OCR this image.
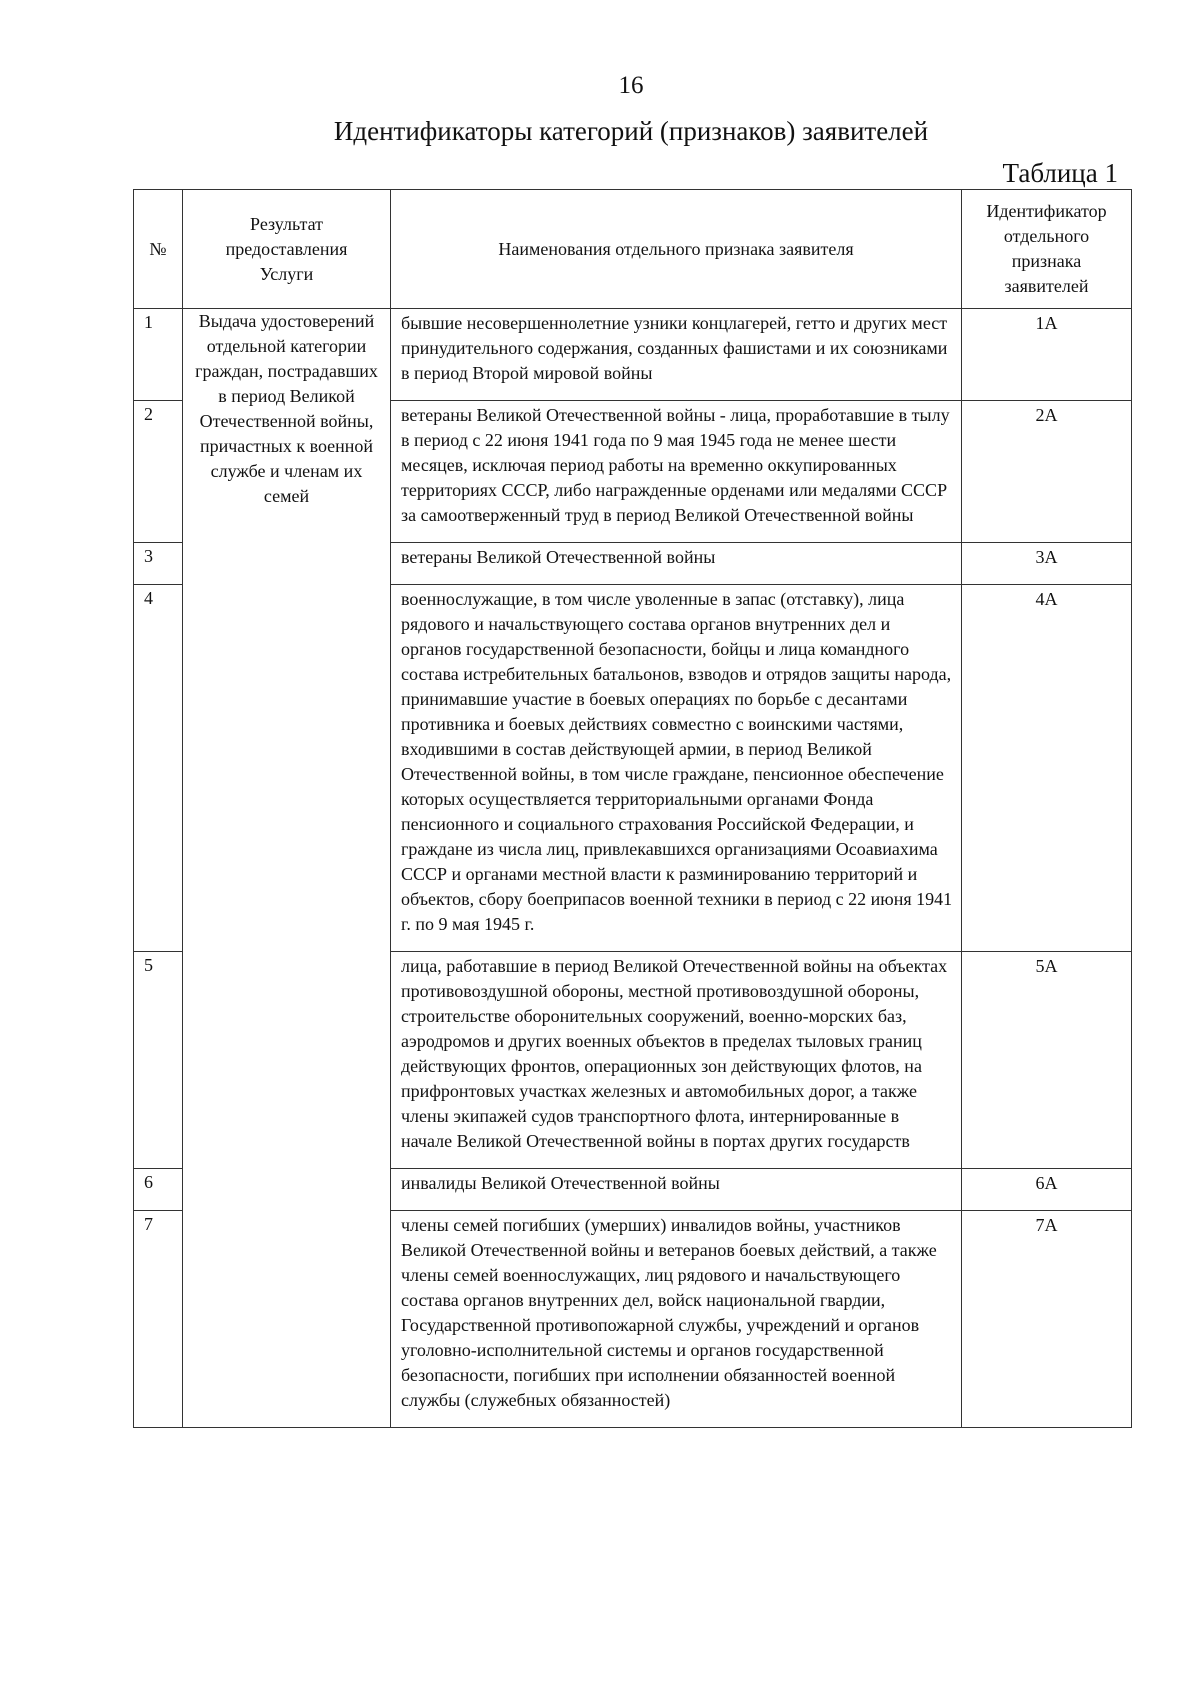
16
Идентификаторы категорий (признаков) заявителей
Таблица 1
№	Результат предоставления Услуги	Наименования отдельного признака заявителя	Идентификатор отдельного признака заявителей
1	Выдача удостоверений отдельной категории граждан, пострадавших в период Великой Отечественной войны, причастных к военной службе и членам их семей	бывшие несовершеннолетние узники концлагерей, гетто и других мест принудительного содержания, созданных фашистами и их союзниками в период Второй мировой войны	1А
2		ветераны Великой Отечественной войны - лица, проработавшие в тылу в период с 22 июня 1941 года по 9 мая 1945 года не менее шести месяцев, исключая период работы на временно оккупированных территориях СССР, либо награжденные орденами или медалями СССР за самоотверженный труд в период Великой Отечественной войны	2А
3		ветераны Великой Отечественной войны	3А
4		военнослужащие, в том числе уволенные в запас (отставку), лица рядового и начальствующего состава органов внутренних дел и органов государственной безопасности, бойцы и лица командного состава истребительных батальонов, взводов и отрядов защиты народа, принимавшие участие в боевых операциях по борьбе с десантами противника и боевых действиях совместно с воинскими частями, входившими в состав действующей армии, в период Великой Отечественной войны, в том числе граждане, пенсионное обеспечение которых осуществляется территориальными органами Фонда пенсионного и социального страхования Российской Федерации, и граждане из числа лиц, привлекавшихся организациями Осоавиахима СССР и органами местной власти к разминированию территорий и объектов, сбору боеприпасов военной техники в период с 22 июня 1941 г. по 9 мая 1945 г.	4А
5		лица, работавшие в период Великой Отечественной войны на объектах противовоздушной обороны, местной противовоздушной обороны, строительстве оборонительных сооружений, военно-морских баз, аэродромов и других военных объектов в пределах тыловых границ действующих фронтов, операционных зон действующих флотов, на прифронтовых участках железных и автомобильных дорог, а также члены экипажей судов транспортного флота, интернированные в начале Великой Отечественной войны в портах других государств	5А
6		инвалиды Великой Отечественной войны	6А
7		члены семей погибших (умерших) инвалидов войны, участников Великой Отечественной войны и ветеранов боевых действий, а также члены семей военнослужащих, лиц рядового и начальствующего состава органов внутренних дел, войск национальной гвардии, Государственной противопожарной службы, учреждений и органов уголовно-исполнительной системы и органов государственной безопасности, погибших при исполнении обязанностей военной службы (служебных обязанностей)	7А
